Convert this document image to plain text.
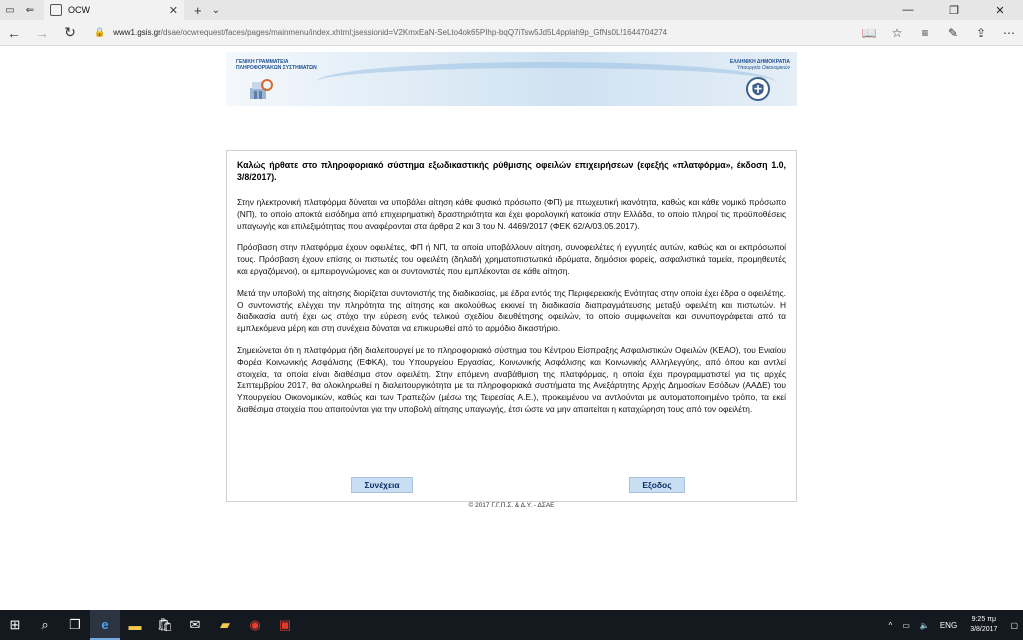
▭	⇐	OCW	✕ + ⌄	—	❐	✕
←	→	↻	🔒 www1.gsis.gr /dsae/ocwrequest/faces/pages/mainmenu/index.xhtml;jsessionid=V2KmxEaN-SeLto4ok65PIhp-bqQ7iTsw5Jd5L4pplah9p_GfNs0L!1644704274	📖	☆	≡	✎	⇪	⋯
ΓΕΝΙΚΗ ΓΡΑΜΜΑΤΕΙΑ
ΠΛΗΡΟΦΟΡΙΑΚΩΝ ΣΥΣΤΗΜΑΤΩΝ
ΕΛΛΗΝΙΚΗ ΔΗΜΟΚΡΑΤΙΑ
Υπουργείο Οικονομικών
Καλώς ήρθατε στο πληροφοριακό σύστημα εξωδικαστικής ρύθμισης οφειλών επιχειρήσεων (εφεξής «πλατφόρμα», έκδοση 1.0, 3/8/2017).

Στην ηλεκτρονική πλατφόρμα δύναται να υποβάλει αίτηση κάθε φυσικό πρόσωπο (ΦΠ) με πτωχευτική ικανότητα, καθώς και κάθε νομικό πρόσωπο (ΝΠ), το οποίο αποκτά εισόδημα από επιχειρηματική δραστηριότητα και έχει φορολογική κατοικία στην Ελλάδα, το οποίο πληροί τις προϋποθέσεις υπαγωγής και επιλεξιμότητας που αναφέρονται στα άρθρα 2 και 3 του Ν. 4469/2017 (ΦΕΚ 62/Α/03.05.2017).

Πρόσβαση στην πλατφόρμα έχουν οφειλέτες, ΦΠ ή ΝΠ, τα οποία υποβάλλουν αίτηση, συνοφειλέτες ή εγγυητές αυτών, καθώς και οι εκπρόσωποί τους. Πρόσβαση έχουν επίσης οι πιστωτές του οφειλέτη (δηλαδή χρηματοπιστωτικά ιδρύματα, δημόσιοι φορείς, ασφαλιστικά ταμεία, προμηθευτές και εργαζόμενοι), οι εμπειρογνώμονες και οι συντονιστές που εμπλέκονται σε κάθε αίτηση.

Μετά την υποβολή της αίτησης διορίζεται συντονιστής της διαδικασίας, με έδρα εντός της Περιφερειακής Ενότητας στην οποία έχει έδρα ο οφειλέτης. Ο συντονιστής ελέγχει την πληρότητα της αίτησης και ακολούθως εκκινεί τη διαδικασία διαπραγμάτευσης μεταξύ οφειλέτη και πιστωτών. Η διαδικασία αυτή έχει ως στόχο την εύρεση ενός τελικού σχεδίου διευθέτησης οφειλών, το οποίο συμφωνείται και συνυπογράφεται από τα εμπλεκόμενα μέρη και στη συνέχεια δύναται να επικυρωθεί από το αρμόδιο δικαστήριο.

Σημειώνεται ότι η πλατφόρμα ήδη διαλειτουργεί με το πληροφοριακό σύστημα του Κέντρου Είσπραξης Ασφαλιστικών Οφειλών (ΚΕΑΟ), του Ενιαίου Φορέα Κοινωνικής Ασφάλισης (ΕΦΚΑ), του Υπουργείου Εργασίας, Κοινωνικής Ασφάλισης και Κοινωνικής Αλληλεγγύης, από όπου και αντλεί στοιχεία, τα οποία είναι διαθέσιμα στον οφειλέτη. Στην επόμενη αναβάθμιση της πλατφόρμας, η οποία έχει προγραμματιστεί για τις αρχές Σεπτεμβρίου 2017, θα ολοκληρωθεί η διαλειτουργικότητα με τα πληροφοριακά συστήματα της Ανεξάρτητης Αρχής Δημοσίων Εσόδων (ΑΑΔΕ) του Υπουργείου Οικονομικών, καθώς και των Τραπεζών (μέσω της Τειρεσίας Α.Ε.), προκειμένου να αντλούνται με αυτοματοποιημένο τρόπο, τα εκεί διαθέσιμα στοιχεία που απαιτούνται για την υποβολή αίτησης υπαγωγής, έτσι ώστε να μην απαιτείται η καταχώρηση τους από τον οφειλέτη.

Συνέχεια	Εξοδος
© 2017 Γ.Γ.Π.Σ. & Δ.Υ. - ΔΣΑΕ
⊞	⌕	❐	e	▬	🛍	✉	▰	◉	▣	^ ▭ 🔈 ENG
9:25 πμ
3/8/2017 ▢
